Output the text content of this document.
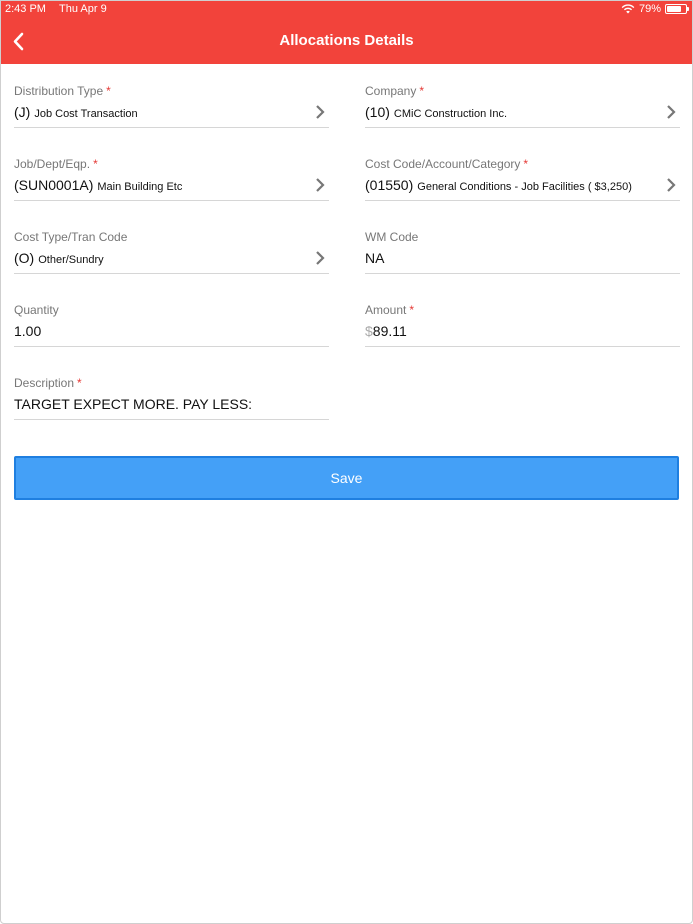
2:43 PM Thu Apr 9	79%
Allocations Details
Distribution Type *
(J) Job Cost Transaction
Company *
(10) CMiC Construction Inc.
Job/Dept/Eqp. *
(SUN0001A) Main Building Etc
Cost Code/Account/Category *
(01550) General Conditions - Job Facilities ( $3,250)
Cost Type/Tran Code
(O) Other/Sundry
WM Code
NA
Quantity
1.00
Amount *
$89.11
Description *
TARGET EXPECT MORE. PAY LESS:
Save
